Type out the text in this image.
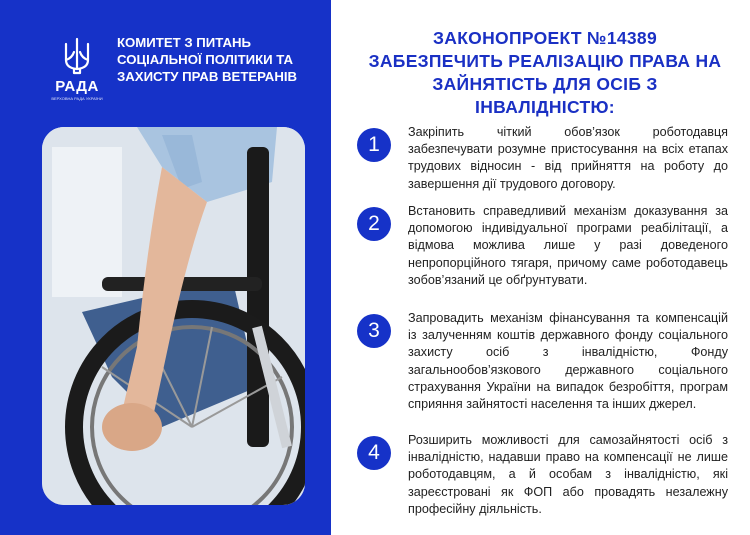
РАДА
ВЕРХОВНА РАДА УКРАЇНИ
КОМИТЕТ З ПИТАНЬ СОЦІАЛЬНОЇ ПОЛІТИКИ ТА ЗАХИСТУ ПРАВ ВЕТЕРАНІВ
ЗАКОНОПРОЕКТ №14389 ЗАБЕЗПЕЧИТЬ РЕАЛІЗАЦІЮ ПРАВА НА ЗАЙНЯТІСТЬ ДЛЯ ОСІБ З ІНВАЛІДНІСТЮ:
1
Закріпить чіткий обов’язок роботодавця забезпечувати розумне пристосування на всіх етапах трудових відносин - від прийняття на роботу до завершення дії трудового договору.
2
Встановить справедливий механізм доказування за допомогою індивідуальної програми реабілітації, а відмова можлива лише у разі доведеного непропорційного тягаря, причому саме роботодавець зобов’язаний це обґрунтувати.
3
Запровадить механізм фінансування та компенсацій із залученням коштів державного фонду соціального захисту осіб з інвалідністю, Фонду загальнообов’язкового державного соціального страхування України на випадок безробіття, програм сприяння зайнятості населення та інших джерел.
4
Розширить можливості для самозайнятості осіб з інвалідністю, надавши право на компенсації не лише роботодавцям, а й особам з інвалідністю, які зареєстровані як ФОП або провадять незалежну професійну діяльність.
